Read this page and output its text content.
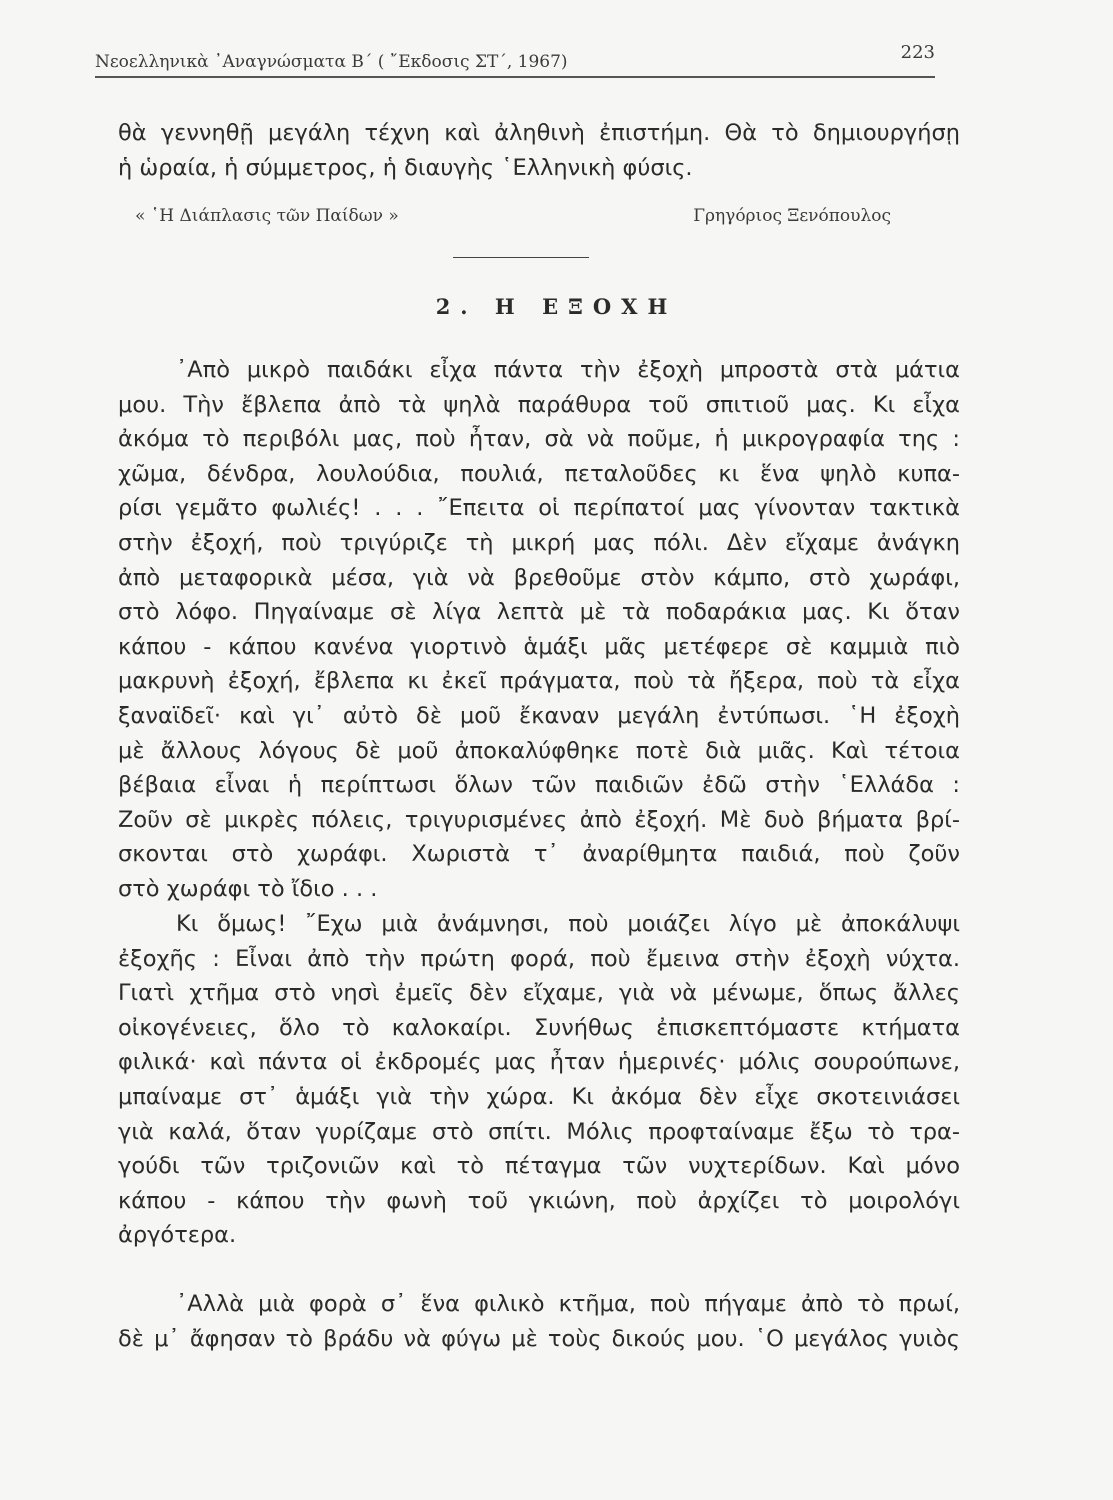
Νεοελληνικὰ ᾿Αναγνώσματα Β΄ ( ῎Εκδοσις ΣΤ΄, 1967)	223
θὰ γεννηθῇ μεγάλη τέχνη καὶ ἀληθινὴ ἐπιστήμη. Θὰ τὸ δημιουργήσῃ
ἡ ὡραία, ἡ σύμμετρος, ἡ διαυγὴς ῾Ελληνικὴ φύσις.
« ῾Η Διάπλασις τῶν Παίδων »	Γρηγόριος Ξενόπουλος
2. Η ΕΞΟΧΗ
᾿Απὸ μικρὸ παιδάκι εἶχα πάντα τὴν ἐξοχὴ μπροστὰ στὰ μάτια
μου. Τὴν ἔβλεπα ἀπὸ τὰ ψηλὰ παράθυρα τοῦ σπιτιοῦ μας. Κι εἶχα
ἀκόμα τὸ περιβόλι μας, ποὺ ἦταν, σὰ νὰ ποῦμε, ἡ μικρογραφία της :
χῶμα, δένδρα, λουλούδια, πουλιά, πεταλοῦδες κι ἕνα ψηλὸ κυπα-
ρίσι γεμᾶτο φωλιές! . . . ῎Επειτα οἱ περίπατοί μας γίνονταν τακτικὰ
στὴν ἐξοχή, ποὺ τριγύριζε τὴ μικρή μας πόλι. Δὲν εἴχαμε ἀνάγκη
ἀπὸ μεταφορικὰ μέσα, γιὰ νὰ βρεθοῦμε στὸν κάμπο, στὸ χωράφι,
στὸ λόφο. Πηγαίναμε σὲ λίγα λεπτὰ μὲ τὰ ποδαράκια μας. Κι ὅταν
κάπου - κάπου κανένα γιορτινὸ ἁμάξι μᾶς μετέφερε σὲ καμμιὰ πιὸ
μακρυνὴ ἐξοχή, ἔβλεπα κι ἐκεῖ πράγματα, ποὺ τὰ ἤξερα, ποὺ τὰ εἶχα
ξαναϊδεῖ· καὶ γι᾿ αὐτὸ δὲ μοῦ ἔκαναν μεγάλη ἐντύπωσι. ῾Η ἐξοχὴ
μὲ ἄλλους λόγους δὲ μοῦ ἀποκαλύφθηκε ποτὲ διὰ μιᾶς. Καὶ τέτοια
βέβαια εἶναι ἡ περίπτωσι ὅλων τῶν παιδιῶν ἐδῶ στὴν ῾Ελλάδα :
Ζοῦν σὲ μικρὲς πόλεις, τριγυρισμένες ἀπὸ ἐξοχή. Μὲ δυὸ βήματα βρί-
σκονται στὸ χωράφι. Χωριστὰ τ᾿ ἀναρίθμητα παιδιά, ποὺ ζοῦν
στὸ χωράφι τὸ ἴδιο . . .
Κι ὅμως! ῎Εχω μιὰ ἀνάμνησι, ποὺ μοιάζει λίγο μὲ ἀποκάλυψι
ἐξοχῆς : Εἶναι ἀπὸ τὴν πρώτη φορά, ποὺ ἔμεινα στὴν ἐξοχὴ νύχτα.
Γιατὶ χτῆμα στὸ νησὶ ἐμεῖς δὲν εἴχαμε, γιὰ νὰ μένωμε, ὅπως ἄλλες
οἰκογένειες, ὅλο τὸ καλοκαίρι. Συνήθως ἐπισκεπτόμαστε κτήματα
φιλικά· καὶ πάντα οἱ ἐκδρομές μας ἦταν ἡμερινές· μόλις σουρούπωνε,
μπαίναμε στ᾿ ἁμάξι γιὰ τὴν χώρα. Κι ἀκόμα δὲν εἶχε σκοτεινιάσει
γιὰ καλά, ὅταν γυρίζαμε στὸ σπίτι. Μόλις προφταίναμε ἔξω τὸ τρα-
γούδι τῶν τριζονιῶν καὶ τὸ πέταγμα τῶν νυχτερίδων. Καὶ μόνο
κάπου - κάπου τὴν φωνὴ τοῦ γκιώνη, ποὺ ἀρχίζει τὸ μοιρολόγι
ἀργότερα.
᾿Αλλὰ μιὰ φορὰ σ᾿ ἕνα φιλικὸ κτῆμα, ποὺ πήγαμε ἀπὸ τὸ πρωί,
δὲ μ᾿ ἄφησαν τὸ βράδυ νὰ φύγω μὲ τοὺς δικούς μου. ῾Ο μεγάλος γυιὸς
